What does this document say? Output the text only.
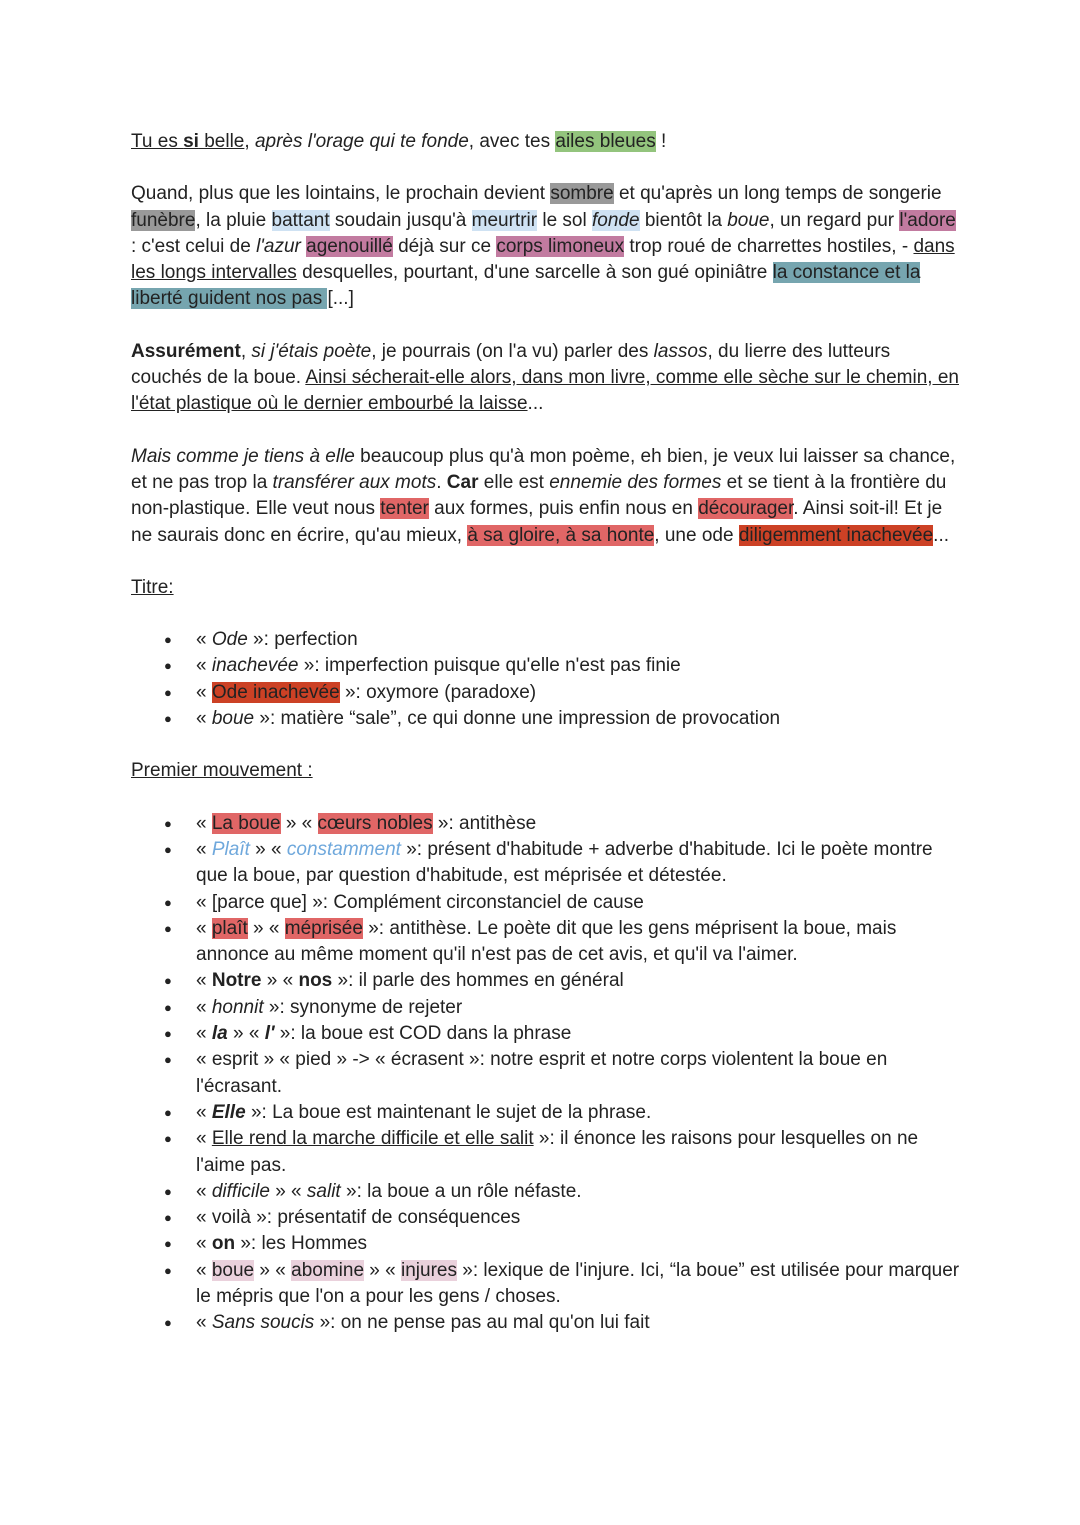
Tu es si belle, après l'orage qui te fonde, avec tes ailes bleues !

Quand, plus que les lointains, le prochain devient sombre et qu'après un long temps de songerie funèbre, la pluie battant soudain jusqu'à meurtrir le sol fonde bientôt la boue, un regard pur l'adore : c'est celui de l'azur agenouillé déjà sur ce corps limoneux trop roué de charrettes hostiles, - dans les longs intervalles desquelles, pourtant, d'une sarcelle à son gué opiniâtre la constance et la liberté guident nos pas [...]

Assurément, si j'étais poète, je pourrais (on l'a vu) parler des lassos, du lierre des lutteurs couchés de la boue. Ainsi sécherait-elle alors, dans mon livre, comme elle sèche sur le chemin, en l'état plastique où le dernier embourbé la laisse...

Mais comme je tiens à elle beaucoup plus qu'à mon poème, eh bien, je veux lui laisser sa chance, et ne pas trop la transférer aux mots. Car elle est ennemie des formes et se tient à la frontière du non-plastique. Elle veut nous tenter aux formes, puis enfin nous en décourager. Ainsi soit-il! Et je ne saurais donc en écrire, qu'au mieux, à sa gloire, à sa honte, une ode diligemment inachevée...

Titre:

● « Ode »: perfection
● « inachevée »: imperfection puisque qu'elle n'est pas finie
● « Ode inachevée »: oxymore (paradoxe)
● « boue »: matière “sale”, ce qui donne une impression de provocation

Premier mouvement :

● « La boue » « cœurs nobles »: antithèse
● « Plaît » « constamment »: présent d'habitude + adverbe d'habitude. Ici le poète montre que la boue, par question d'habitude, est méprisée et détestée.
● « [parce que] »: Complément circonstanciel de cause
● « plaît » « méprisée »: antithèse. Le poète dit que les gens méprisent la boue, mais annonce au même moment qu'il n'est pas de cet avis, et qu'il va l'aimer.
● « Notre » « nos »: il parle des hommes en général
● « honnit »: synonyme de rejeter
● « la » « l' »: la boue est COD dans la phrase
● « esprit » « pied » -> « écrasent »: notre esprit et notre corps violentent la boue en l'écrasant.
● « Elle »: La boue est maintenant le sujet de la phrase.
● « Elle rend la marche difficile et elle salit »: il énonce les raisons pour lesquelles on ne l'aime pas.
● « difficile » « salit »: la boue a un rôle néfaste.
● « voilà »: présentatif de conséquences
● « on »: les Hommes
● « boue » « abomine » « injures »: lexique de l'injure. Ici, “la boue” est utilisée pour marquer le mépris que l'on a pour les gens / choses.
● « Sans soucis »: on ne pense pas au mal qu'on lui fait
